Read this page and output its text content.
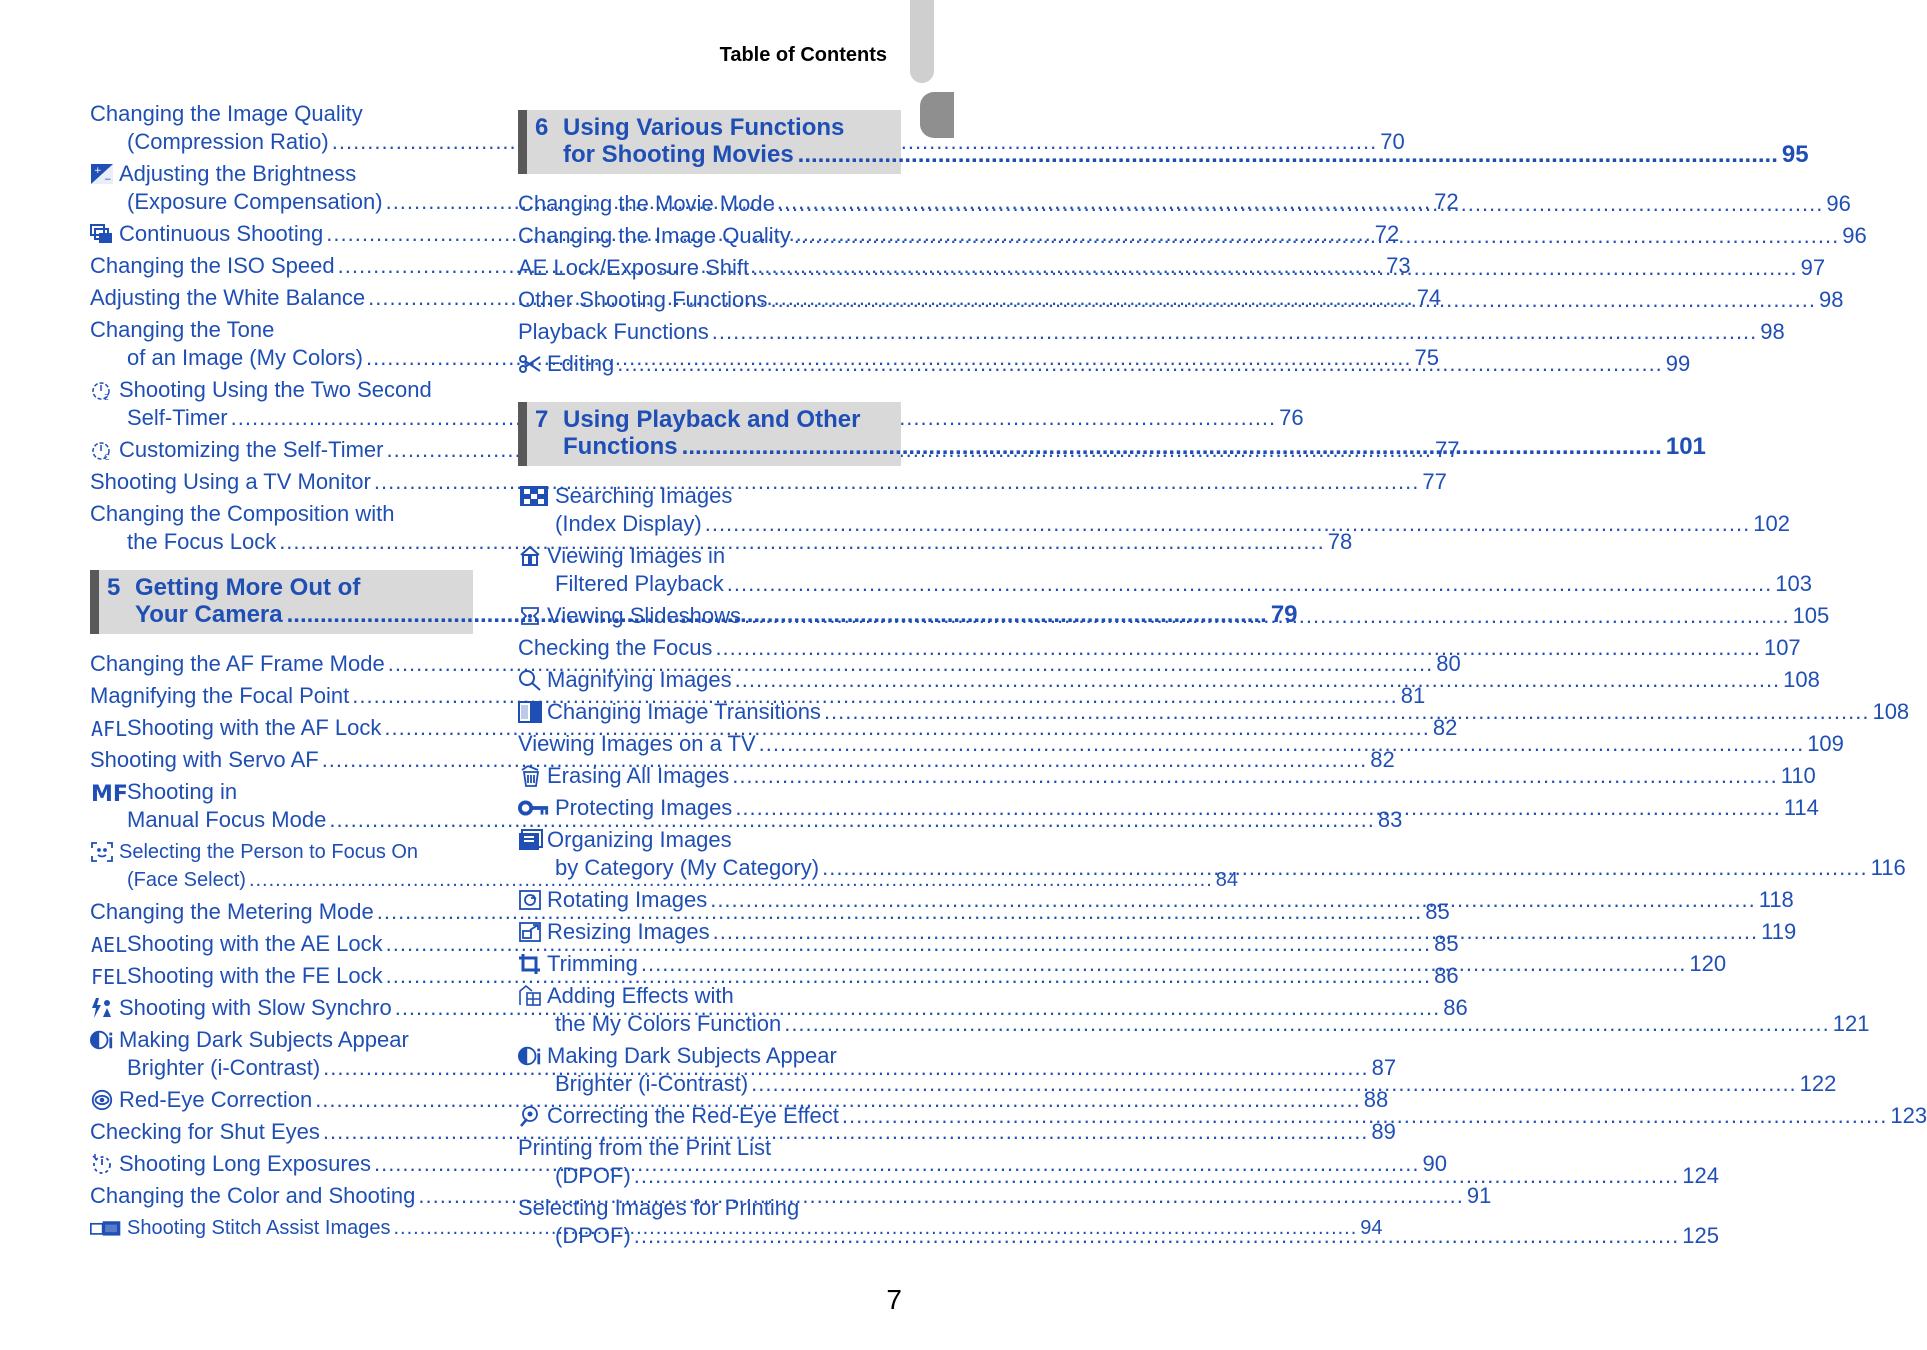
Table of Contents
Changing the Image Quality
(Compression Ratio) .....	70
+
− Adjusting the Brightness
(Exposure Compensation) .....	72
Continuous Shooting .....	72
Changing the ISO Speed .....	73
Adjusting the White Balance .....	74
Changing the Tone
of an Image (My Colors) .....	75
2 Shooting Using the Two Second
Self-Timer .....	76
C Customizing the Self-Timer .....	77
Shooting Using a TV Monitor .....	77
Changing the Composition with
the Focus Lock .....	78
5 Getting More Out of
Your Camera .....	79
Changing the AF Frame Mode .....	80
Magnifying the Focal Point .....	81
AFL Shooting with the AF Lock .....	82
Shooting with Servo AF .....	82
MF Shooting in
Manual Focus Mode .....	83
Selecting the Person to Focus On
(Face Select) .....	84
Changing the Metering Mode .....	85
AEL Shooting with the AE Lock .....	85
FEL Shooting with the FE Lock .....	86
Shooting with Slow Synchro .....	86
Making Dark Subjects Appear
Brighter (i-Contrast) .....	87
Red-Eye Correction .....	88
Checking for Shut Eyes .....	89
Shooting Long Exposures .....	90
Changing the Color and Shooting .....	91
Shooting Stitch Assist Images .....	94
6 Using Various Functions
for Shooting Movies .....	95
Changing the Movie Mode .....	96
Changing the Image Quality .....	96
AE Lock/Exposure Shift .....	97
Other Shooting Functions .....	98
Playback Functions .....	98
Editing .....	99
7 Using Playback and Other
Functions .....	101
Searching Images
(Index Display) .....	102
Viewing Images in
Filtered Playback .....	103
Viewing Slideshows .....	105
Checking the Focus .....	107
Magnifying Images .....	108
Changing Image Transitions .....	108
Viewing Images on a TV .....	109
Erasing All Images .....	110
Protecting Images .....	114
Organizing Images
by Category (My Category) .....	116
Rotating Images .....	118
Resizing Images .....	119
Trimming .....	120
Adding Effects with
the My Colors Function .....	121
Making Dark Subjects Appear
Brighter (i-Contrast) .....	122
Correcting the Red-Eye Effect .....	123
Printing from the Print List
(DPOF) .....	124
Selecting Images for Printing
(DPOF) .....	125
7
